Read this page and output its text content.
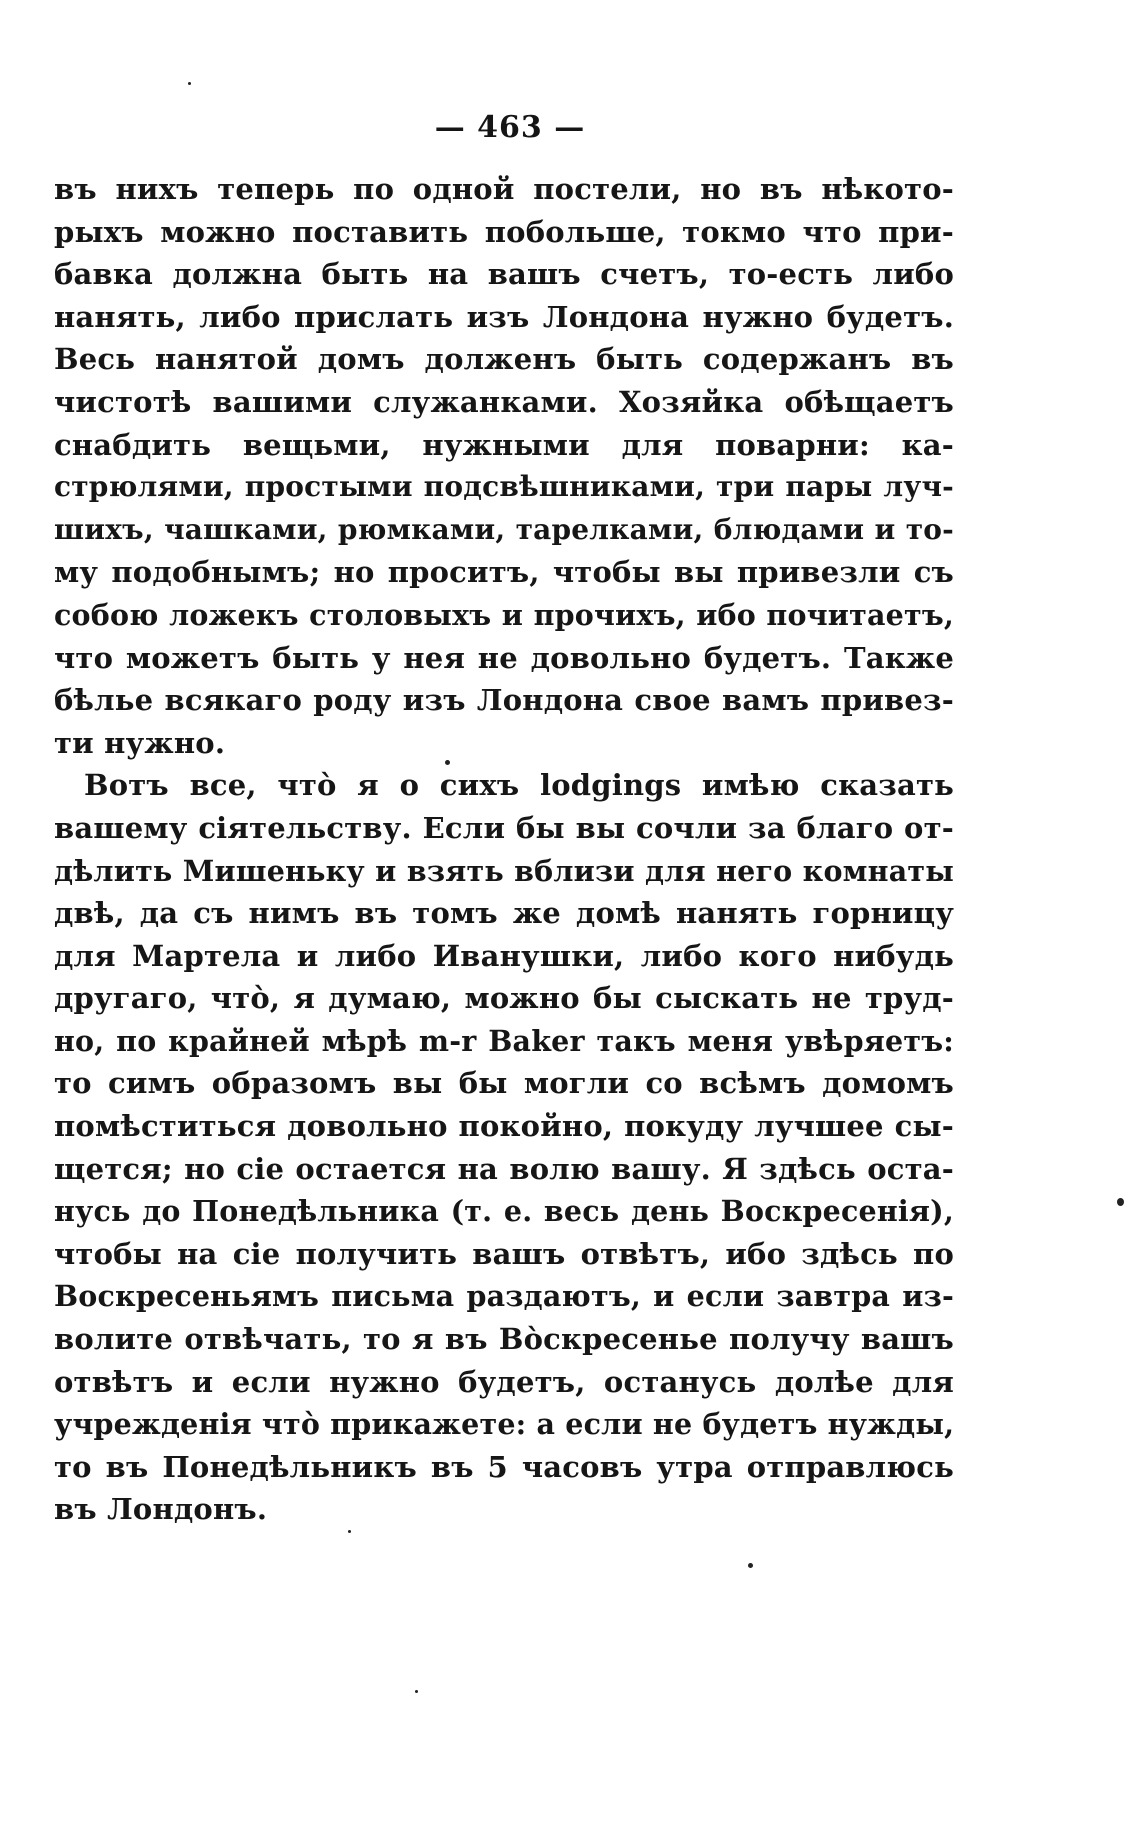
— 463 —
въ нихъ теперь по одной постели, но въ нѣкото-
рыхъ можно поставить побольше, токмо что при-
бавка должна быть на вашъ счетъ, то-есть либо
нанять, либо прислать изъ Лондона нужно будетъ.
Весь нанятой домъ долженъ быть содержанъ въ
чистотѣ вашими служанками. Хозяйка обѣщаетъ
снабдить вещьми, нужными для поварни: ка-
стрюлями, простыми подсвѣшниками, три пары луч-
шихъ, чашками, рюмками, тарелками, блюдами и то-
му подобнымъ; но проситъ, чтобы вы привезли съ
собою ложекъ столовыхъ и прочихъ, ибо почитаетъ,
что можетъ быть у нея не довольно будетъ. Также
бѣлье всякаго роду изъ Лондона свое вамъ привез-
ти нужно.
Вотъ все, чтò я о сихъ lodgings имѣю сказать
вашему сіятельству. Если бы вы сочли за благо от-
дѣлить Мишеньку и взять вблизи для него комнаты
двѣ, да съ нимъ въ томъ же домѣ нанять горницу
для Мартела и либо Иванушки, либо кого нибудь
другаго, чтò, я думаю, можно бы сыскать не труд-
но, по крайней мѣрѣ m-r Baker такъ меня увѣряетъ:
то симъ образомъ вы бы могли со всѣмъ домомъ
помѣститься довольно покойно, покуду лучшее сы-
щется; но сіе остается на волю вашу. Я здѣсь оста-
нусь до Понедѣльника (т. е. весь день Воскресенія),
чтобы на сіе получить вашъ отвѣтъ, ибо здѣсь по
Воскресеньямъ письма раздаютъ, и если завтра из-
волите отвѣчать, то я въ Вòскресенье получу вашъ
отвѣтъ и если нужно будетъ, останусь долѣе для
учрежденія чтò прикажете: а если не будетъ нужды,
то въ Понедѣльникъ въ 5 часовъ утра отправлюсь
въ Лондонъ.
